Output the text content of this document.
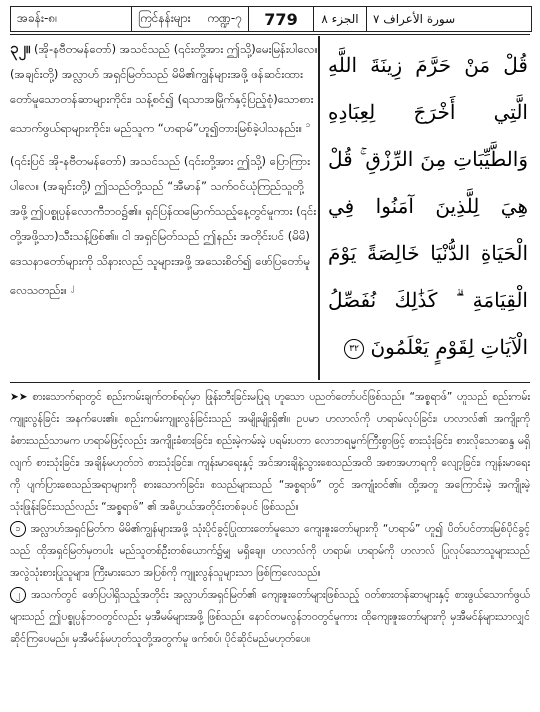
အခန်း-၈၊	ကြင်နန်းများ ကဏ္ဍ-၇	779	الجزء ٨	سورة الأعراف

٧

၃၂။ (အို-နဗီတမန်တော်) အသင်သည် (၎င်းတို့အား ဤသို့)မေးမြန်းပါလေ။ (အချင်းတို့) အလ္လာဟ် အရှင်မြတ်သည် မိမိ၏ကျွန်များအဖို့ ဖန်ဆင်းထားတော်မူသောတန်ဆာများကိုင်း၊ သန့်စင်၍ (ရသာအမြိုက်နှင့်ပြည့်စုံ)သောစားသောက်ဖွယ်ရာများကိုင်း၊ မည်သူက “ဟရာမ်”ဟူ၍တားမြစ်ခဲ့ပါသနည်း။ $^၁$

(၎င်းပြင် အို-နဗီတမန်တော်) အသင်သည် (၎င်းတို့အား ဤသို့) ပြောကြားပါလေ။ (အချင်းတို့) ဤသည်တို့သည် “အီမာန်” သက်ဝင်ယုံကြည်သူတို့အဖို့ ဤပစ္စုပ္ပန်လောကီဘဝ၌၏။ ရှင်ပြန်ထမြောက်သည့်နေ့တွင်မူကား (၎င်းတို့အဖို့သာ)သီးသန့်ဖြစ်၏။ ငါ အရှင်မြတ်သည် ဤနည်း အတိုင်းပင် (မိမိ) ဒေသနာတော်များကို သိနားလည် သူများအဖို့ အသေးစိတ်၍ ဖော်ပြတော်မူလေသတည်း။ $^၂$

قُلْ مَنْ حَرَّمَ زِينَةَ اللَّهِ الَّتِي أَخْرَجَ لِعِبَادِهِ وَالطَّيِّبَاتِ مِنَ الرِّزْقِ ۚ قُلْ هِيَ لِلَّذِينَ آمَنُوا فِي الْحَيَاةِ الدُّنْيَا خَالِصَةً يَوْمَ الْقِيَامَةِ ۗ كَذَٰلِكَ نُفَصِّلُ الْآيَاتِ لِقَوْمٍ يَعْلَمُونَ ٣٢

➤➤ စားသောက်ရာတွင် စည်းကမ်းချက်တစ်ရပ်မှာ ဖြုန်းတီးခြင်းမပြုရ ဟူသော ပညတ်တော်ပင်ဖြစ်သည်။ “အစ္စရာဖ်” ဟူသည် စည်းကမ်းကျူးလွန်ခြင်း အနက်ပေး၏။ စည်းကမ်းကျူးလွန်ခြင်းသည် အမျိုးမျိုးရှိ၏။ ဥပမာ ဟလာလ်ကို ဟရာမ်လုပ်ခြင်း၊ ဟလာလ်၏ အကျိုးကို ခံစားသည်သာမက ဟရာမ်ဖြင့်လည်း အကျိုးခံစားခြင်း၊ စည်းမဲ့ကမ်းမဲ့ ပရမ်းပတာ လောဘရမ္မက်ကြီးစွာဖြင့် စားသုံးခြင်း၊ စားလိုသောဆန္ဒ မရှိလျက် စားသုံးခြင်း၊ အချိန်မဟုတ်ဘဲ စားသုံးခြင်း။ ကျန်းမာရေးနှင့် အင်အားချိနဲ့သွားစေသည်အထိ အစာအဟာရကို လျော့ခြင်း၊ ကျန်းမာရေးကို ပျက်ပြားစေသည်အရာများကို စားသောက်ခြင်း၊ စသည်များသည် “အစ္စရာဖ်” တွင် အကျုံးဝင်၏။ ထို့အတူ အကြောင်းမဲ့ အကျိုးမဲ့ သုံးဖြုန်းခြင်းသည်လည်း “အစ္စရာဖ်” ၏ အဓိပ္ပာယ်အတိုင်းတစ်ခုပင် ဖြစ်သည်။

၁ အလ္လာဟ်အရှင်မြတ်က မိမိ၏ကျွန်များအဖို့ သုံးပိုင်ခွင့်ပြုထားတော်မူသော ကျေးဇူးတော်များကို “ဟရာမ်” ဟူ၍ ပိတ်ပင်တားမြစ်ပိုင်ခွင့်သည် ထိုအရှင်မြတ်မှတပါး မည်သူတစ်ဦးတစ်ယောက်၌မျှ မရှိချေ။ ဟလာလ်ကို ဟရာမ်၊ ဟရာမ်ကို ဟလာလ် ပြုလုပ်သောသူများသည် အလွဲသုံးစားပြုသူများ၊ ကြီးမားသော အပြစ်ကို ကျူးလွန်သူများသာ ဖြစ်ကြလေသည်။

၂ အသက်တွင် ဖော်ပြပါရှိသည့်အတိုင်း အလ္လာဟ်အရှင်မြတ်၏ ကျေးဇူးတော်များဖြစ်သည့် ဝတ်စားတန်ဆာများနှင့် စားဖွယ်သောက်ဖွယ်များသည် ဤပစ္စုပ္ပန်ဘဝတွင်လည်း မှအီမမ်များအဖို့ ဖြစ်သည်။ နောင်တမလွန်ဘဝတွင်မူကား ထိုကျေးဇူးတော်များကို မှအီမင်န်များသာလျှင် ဆိုင်ကြပေမည်။ မှအီမင်န်မဟုတ်သူတို့အတွက်မူ ဖက်စပ်၊ ပိုင်ဆိုင်မည်မဟုတ်ပေ။
